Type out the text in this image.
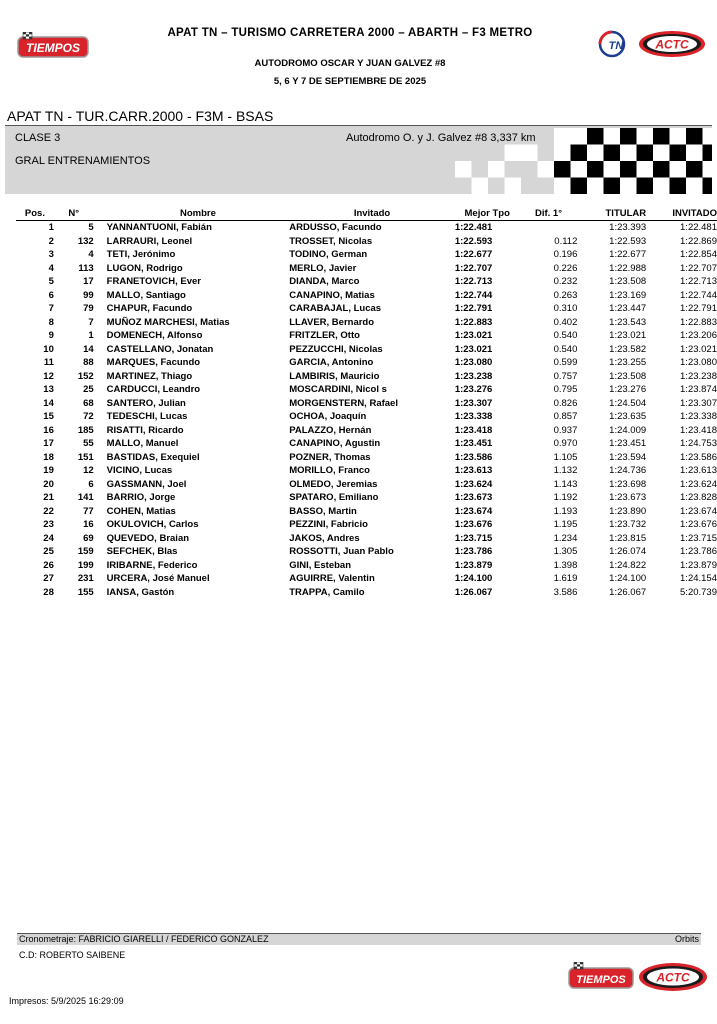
TIEMPOS	TN	ACTC
APAT TN – TURISMO CARRETERA 2000 – ABARTH – F3 METRO
AUTODROMO OSCAR Y JUAN GALVEZ #8
5, 6 Y 7 DE SEPTIEMBRE DE 2025
APAT TN - TUR.CARR.2000 - F3M - BSAS
CLASE 3	Autodromo O. y J. Galvez #8 3,337 km
GRAL ENTRENAMIENTOS
Pos.	N°	Nombre	Invitado	Mejor Tpo	Dif. 1°	TITULAR	INVITADO
1	5	YANNANTUONI, Fabián	ARDUSSO, Facundo	1:22.481		1:23.393	1:22.481
2	132	LARRAURI, Leonel	TROSSET, Nicolas	1:22.593	0.112	1:22.593	1:22.869
3	4	TETI, Jerónimo	TODINO, German	1:22.677	0.196	1:22.677	1:22.854
4	113	LUGON, Rodrigo	MERLO, Javier	1:22.707	0.226	1:22.988	1:22.707
5	17	FRANETOVICH, Ever	DIANDA, Marco	1:22.713	0.232	1:23.508	1:22.713
6	99	MALLO, Santiago	CANAPINO, Matias	1:22.744	0.263	1:23.169	1:22.744
7	79	CHAPUR, Facundo	CARABAJAL, Lucas	1:22.791	0.310	1:23.447	1:22.791
8	7	MUÑOZ MARCHESI, Matias	LLAVER, Bernardo	1:22.883	0.402	1:23.543	1:22.883
9	1	DOMENECH, Alfonso	FRITZLER, Otto	1:23.021	0.540	1:23.021	1:23.206
10	14	CASTELLANO, Jonatan	PEZZUCCHI, Nicolas	1:23.021	0.540	1:23.582	1:23.021
11	88	MARQUES, Facundo	GARCIA, Antonino	1:23.080	0.599	1:23.255	1:23.080
12	152	MARTINEZ, Thiago	LAMBIRIS, Mauricio	1:23.238	0.757	1:23.508	1:23.238
13	25	CARDUCCI, Leandro	MOSCARDINI, Nicol s	1:23.276	0.795	1:23.276	1:23.874
14	68	SANTERO, Julian	MORGENSTERN, Rafael	1:23.307	0.826	1:24.504	1:23.307
15	72	TEDESCHI, Lucas	OCHOA, Joaquín	1:23.338	0.857	1:23.635	1:23.338
16	185	RISATTI, Ricardo	PALAZZO, Hernán	1:23.418	0.937	1:24.009	1:23.418
17	55	MALLO, Manuel	CANAPINO, Agustin	1:23.451	0.970	1:23.451	1:24.753
18	151	BASTIDAS, Exequiel	POZNER, Thomas	1:23.586	1.105	1:23.594	1:23.586
19	12	VICINO, Lucas	MORILLO, Franco	1:23.613	1.132	1:24.736	1:23.613
20	6	GASSMANN, Joel	OLMEDO, Jeremias	1:23.624	1.143	1:23.698	1:23.624
21	141	BARRIO, Jorge	SPATARO, Emiliano	1:23.673	1.192	1:23.673	1:23.828
22	77	COHEN, Matias	BASSO, Martin	1:23.674	1.193	1:23.890	1:23.674
23	16	OKULOVICH, Carlos	PEZZINI, Fabricio	1:23.676	1.195	1:23.732	1:23.676
24	69	QUEVEDO, Braian	JAKOS, Andres	1:23.715	1.234	1:23.815	1:23.715
25	159	SEFCHEK, Blas	ROSSOTTI, Juan Pablo	1:23.786	1.305	1:26.074	1:23.786
26	199	IRIBARNE, Federico	GINI, Esteban	1:23.879	1.398	1:24.822	1:23.879
27	231	URCERA, José Manuel	AGUIRRE, Valentin	1:24.100	1.619	1:24.100	1:24.154
28	155	IANSA, Gastón	TRAPPA, Camilo	1:26.067	3.586	1:26.067	5:20.739
Cronometraje: FABRICIO GIARELLI / FEDERICO GONZALEZ	Orbits
C.D: ROBERTO SAIBENE
Impresos: 5/9/2025 16:29:09
TIEMPOS	ACTC
